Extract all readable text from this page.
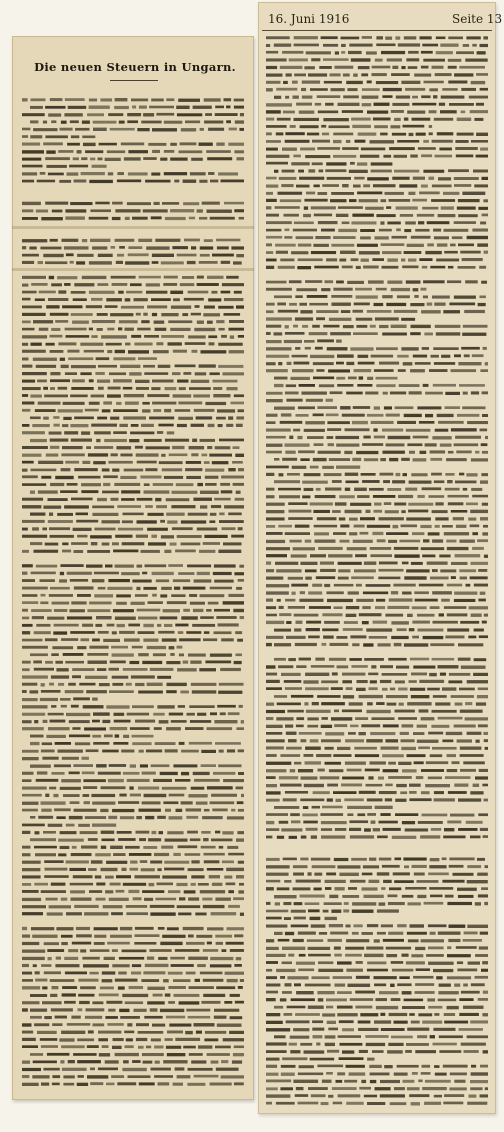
16. Juni 1916	Seite 13
Die neuen Steuern in Ungarn.
